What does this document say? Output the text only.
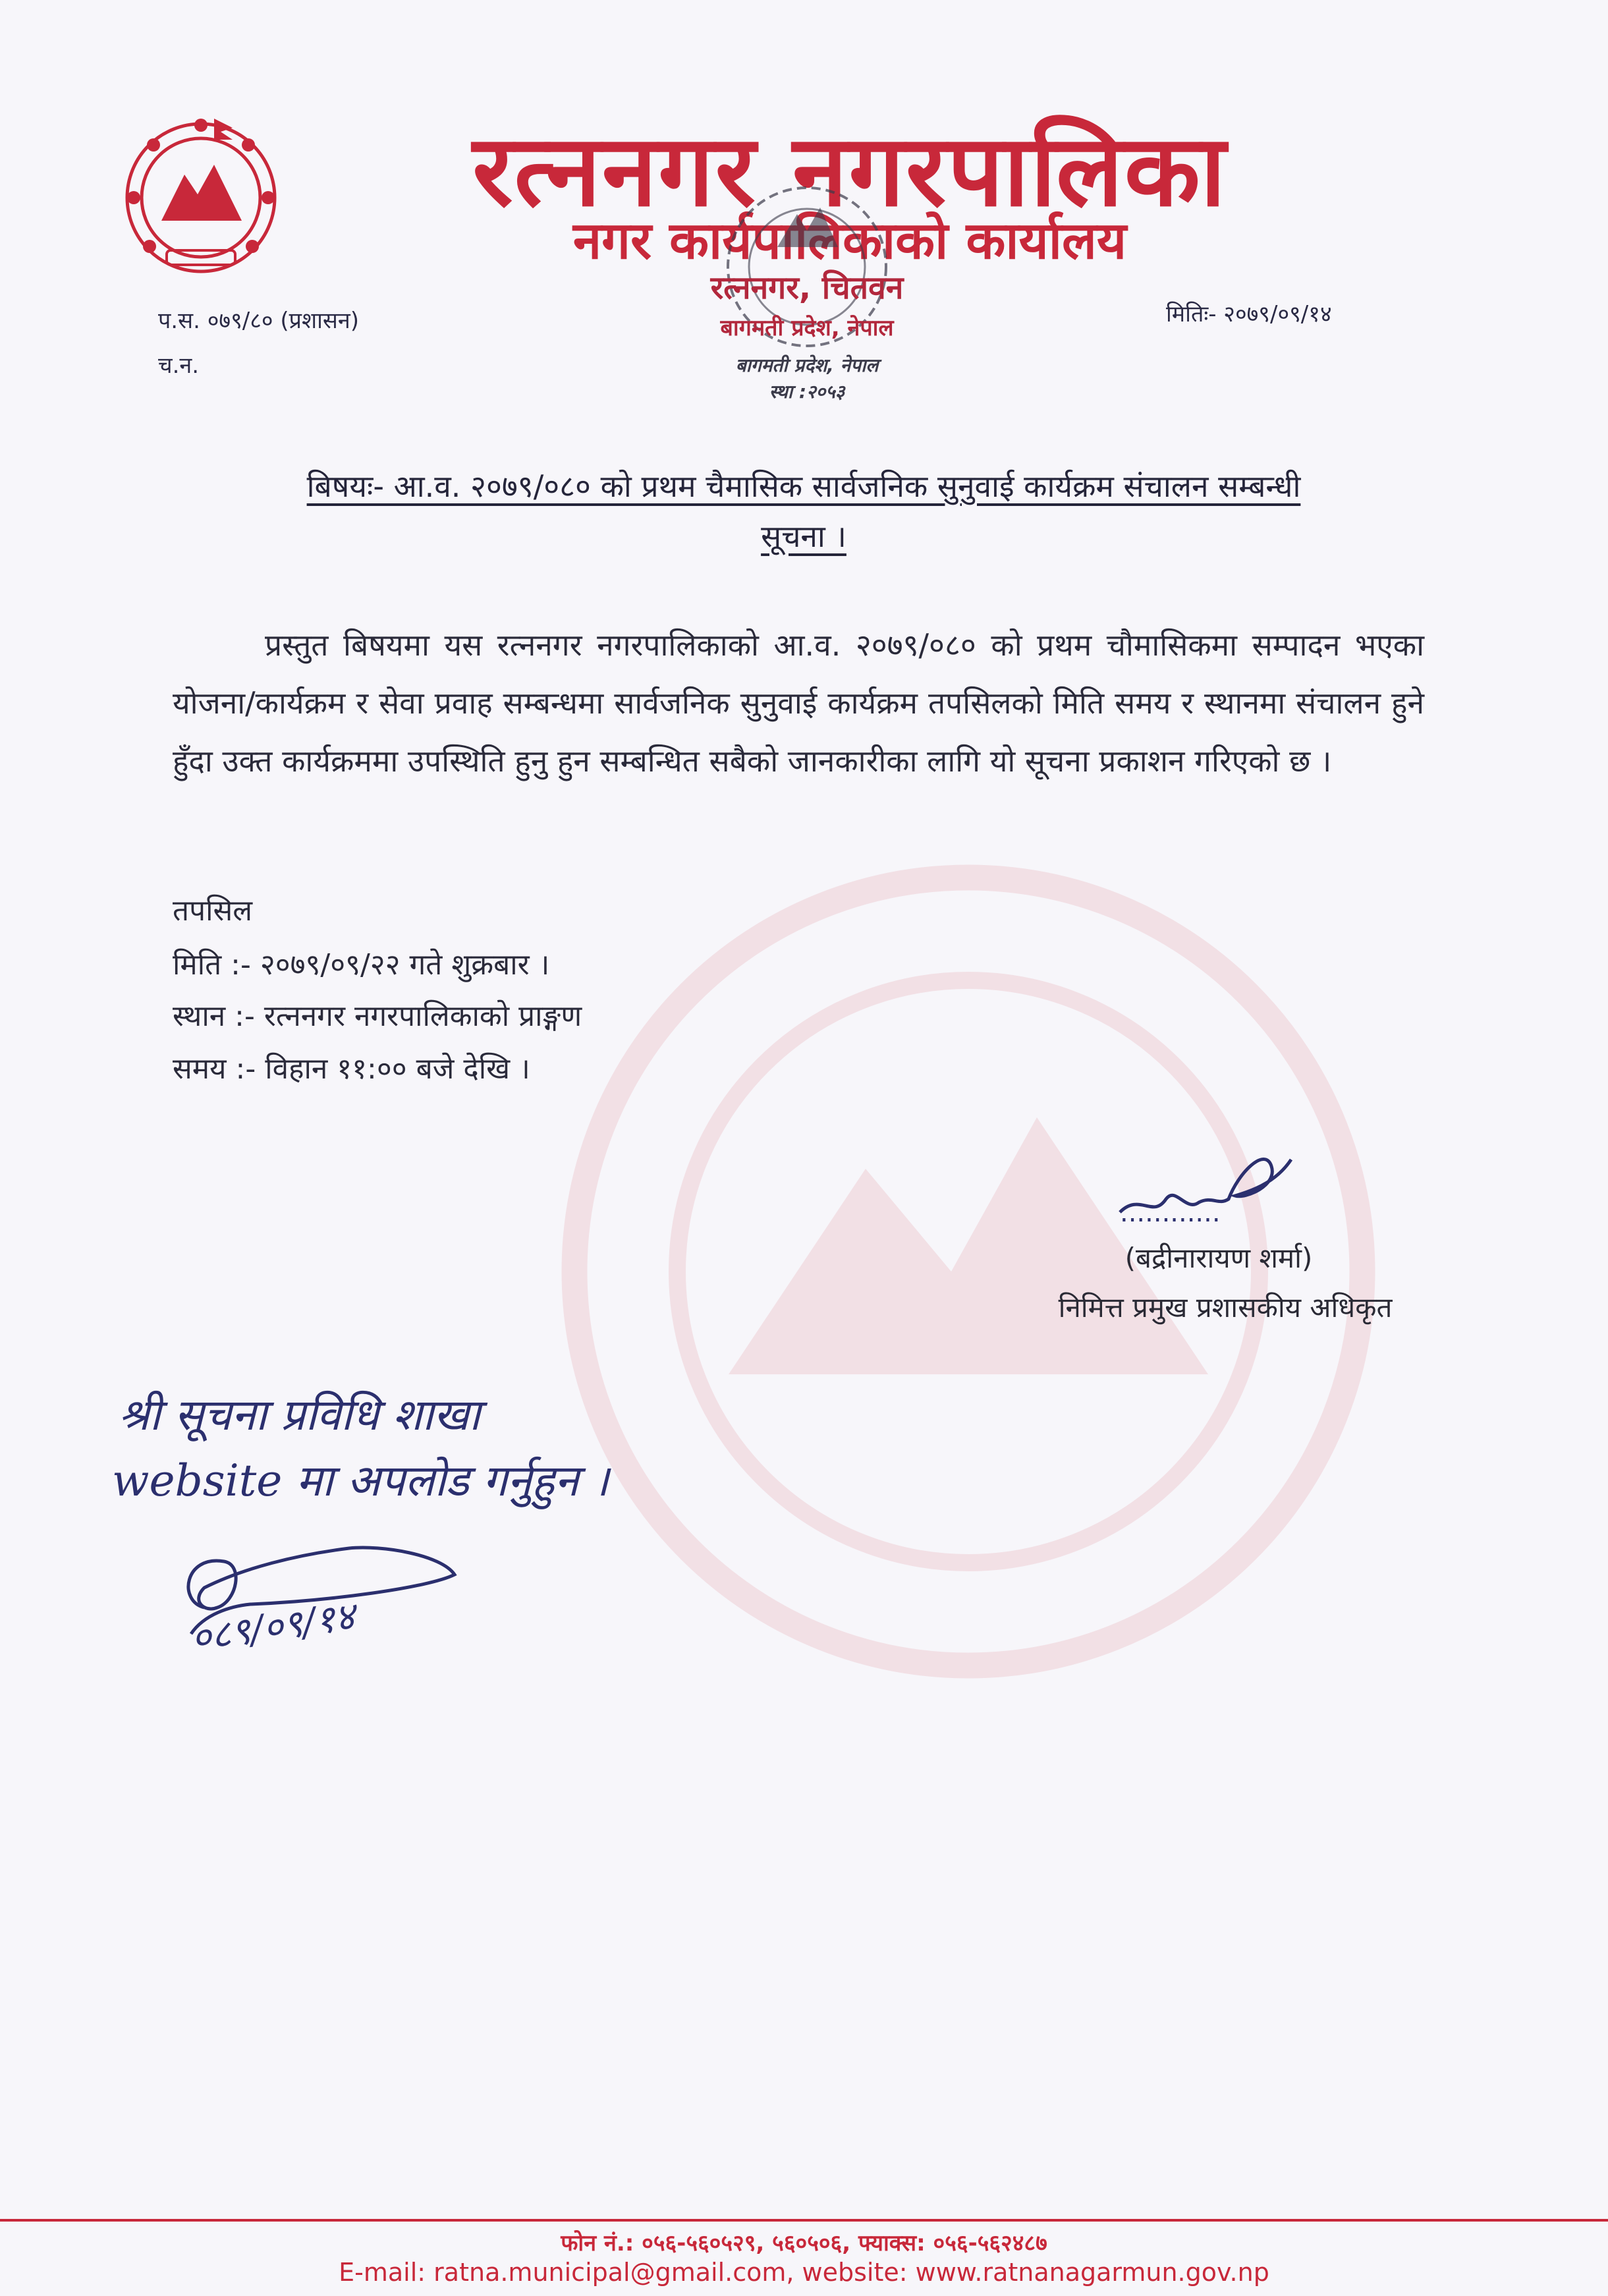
रत्ननगर नगरपालिका
नगर कार्यपालिकाको कार्यालय
प.स. ०७९/८० (प्रशासन)
च.न.
मितिः- २०७९/०९/१४
रत्ननगर, चितवन
बागमती प्रदेश, नेपाल
बागमती प्रदेश, नेपाल
स्था :२०५३
बिषयः- आ.व. २०७९/०८० को प्रथम चैमासिक सार्वजनिक सुनुवाई कार्यक्रम संचालन सम्बन्धी
सूचना ।
प्रस्तुत बिषयमा यस रत्ननगर नगरपालिकाको आ.व. २०७९/०८० को प्रथम चौमासिकमा सम्पादन भएका योजना/कार्यक्रम र सेवा प्रवाह सम्बन्धमा सार्वजनिक सुनुवाई कार्यक्रम तपसिलको मिति समय र स्थानमा संचालन हुने हुँदा उक्त कार्यक्रममा उपस्थिति हुनु हुन सम्बन्धित सबैको जानकारीका लागि यो सूचना प्रकाशन गरिएको छ ।
तपसिल
मिति :- २०७९/०९/२२ गते शुक्रबार ।
स्थान :- रत्ननगर नगरपालिकाको प्राङ्गण
समय :- विहान ११:०० बजे देखि ।
............
(बद्रीनारायण शर्मा)
निमित्त प्रमुख प्रशासकीय अधिकृत
श्री सूचना प्रविधि शाखा
website मा अपलोड गर्नुहुन ।
०८९/०९/१४
फोन नं.: ०५६-५६०५२९, ५६०५०६, फ्याक्स: ०५६-५६२४८७
E-mail: ratna.municipal@gmail.com, website: www.ratnanagarmun.gov.np
